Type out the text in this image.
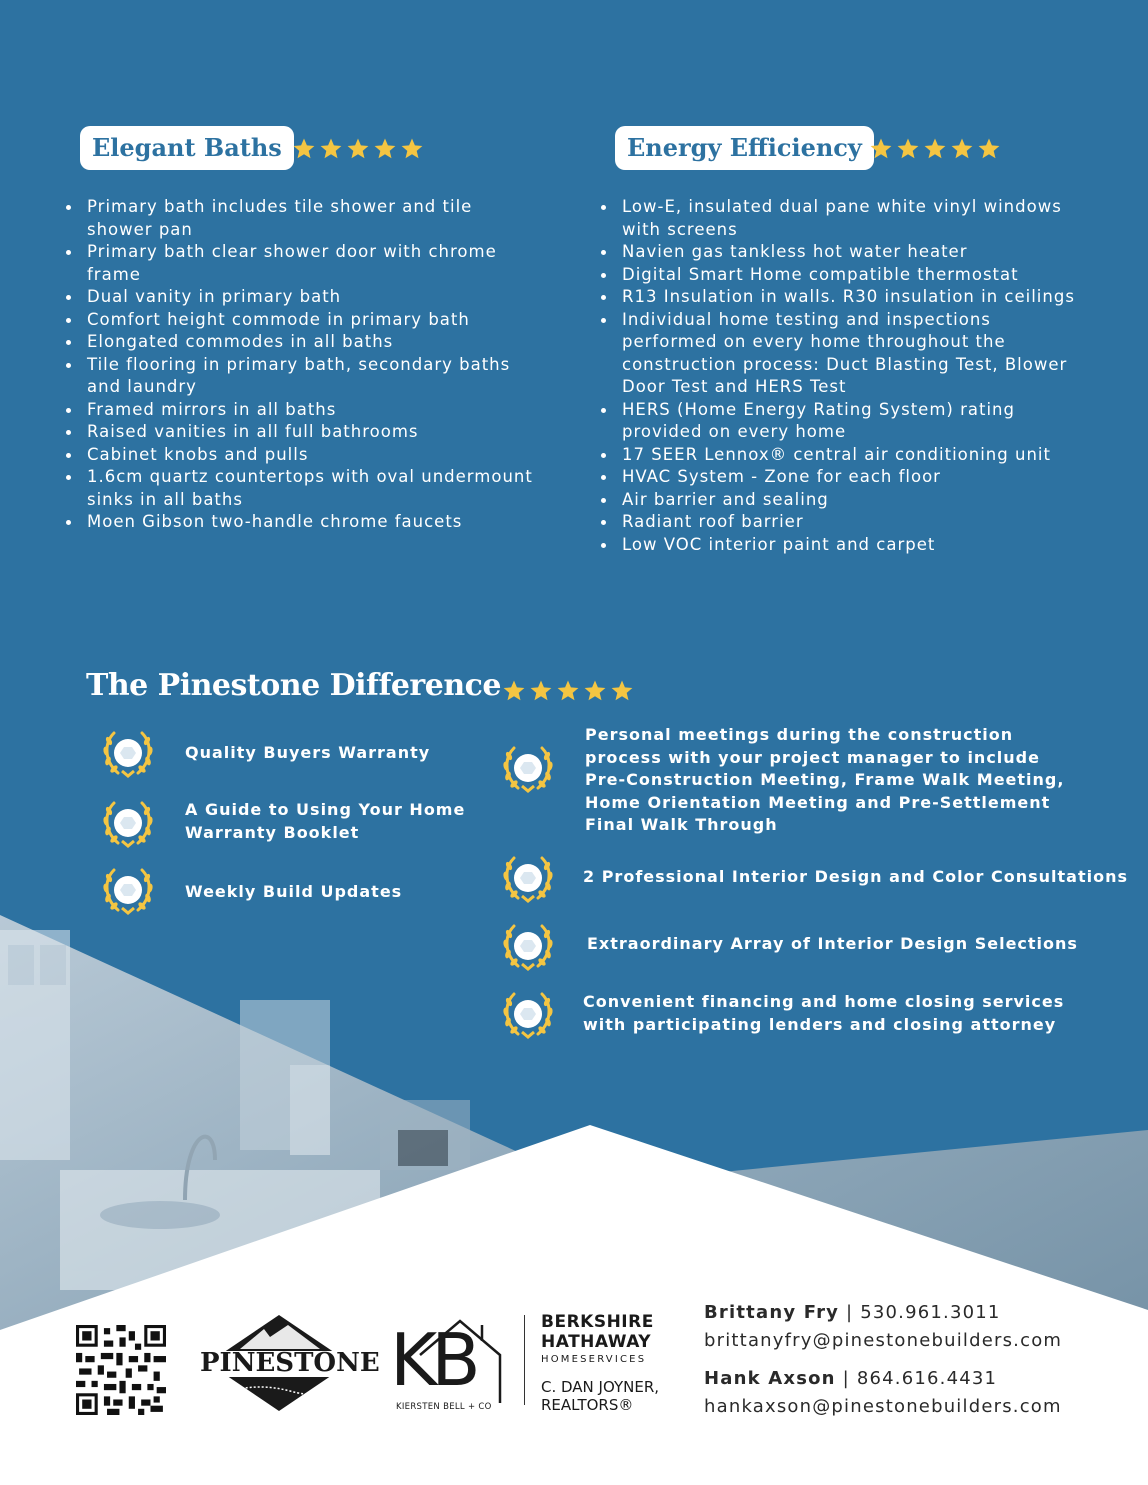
Elegant Baths
Primary bath includes tile shower and tile shower pan
Primary bath clear shower door with chrome frame
Dual vanity in primary bath
Comfort height commode in primary bath
Elongated commodes in all baths
Tile flooring in primary bath, secondary baths and laundry
Framed mirrors in all baths
Raised vanities in all full bathrooms
Cabinet knobs and pulls
1.6cm quartz countertops with oval undermount sinks in all baths
Moen Gibson two-handle chrome faucets
Energy Efficiency
Low-E, insulated dual pane white vinyl windows with screens
Navien gas tankless hot water heater
Digital Smart Home compatible thermostat
R13 Insulation in walls. R30 insulation in ceilings
Individual home testing and inspections performed on every home throughout the construction process: Duct Blasting Test, Blower Door Test and HERS Test
HERS (Home Energy Rating System) rating provided on every home
17 SEER Lennox® central air conditioning unit
HVAC System - Zone for each floor
Air barrier and sealing
Radiant roof barrier
Low VOC interior paint and carpet
The Pinestone Difference
Quality Buyers Warranty
A Guide to Using Your Home Warranty Booklet
Weekly Build Updates
Personal meetings during the construction process with your project manager to include Pre-Construction Meeting, Frame Walk Meeting, Home Orientation Meeting and Pre-Settlement Final Walk Through
2 Professional Interior Design and Color Consultations
Extraordinary Array of Interior Design Selections
Convenient financing and home closing services with participating lenders and closing attorney
PINESTONE KB
KIERSTEN BELL + CO
BERKSHIRE
HATHAWAY
HOMESERVICES
C. DAN JOYNER,
REALTORS®
Brittany Fry | 530.961.3011
brittanyfry@pinestonebuilders.com
Hank Axson | 864.616.4431
hankaxson@pinestonebuilders.com
